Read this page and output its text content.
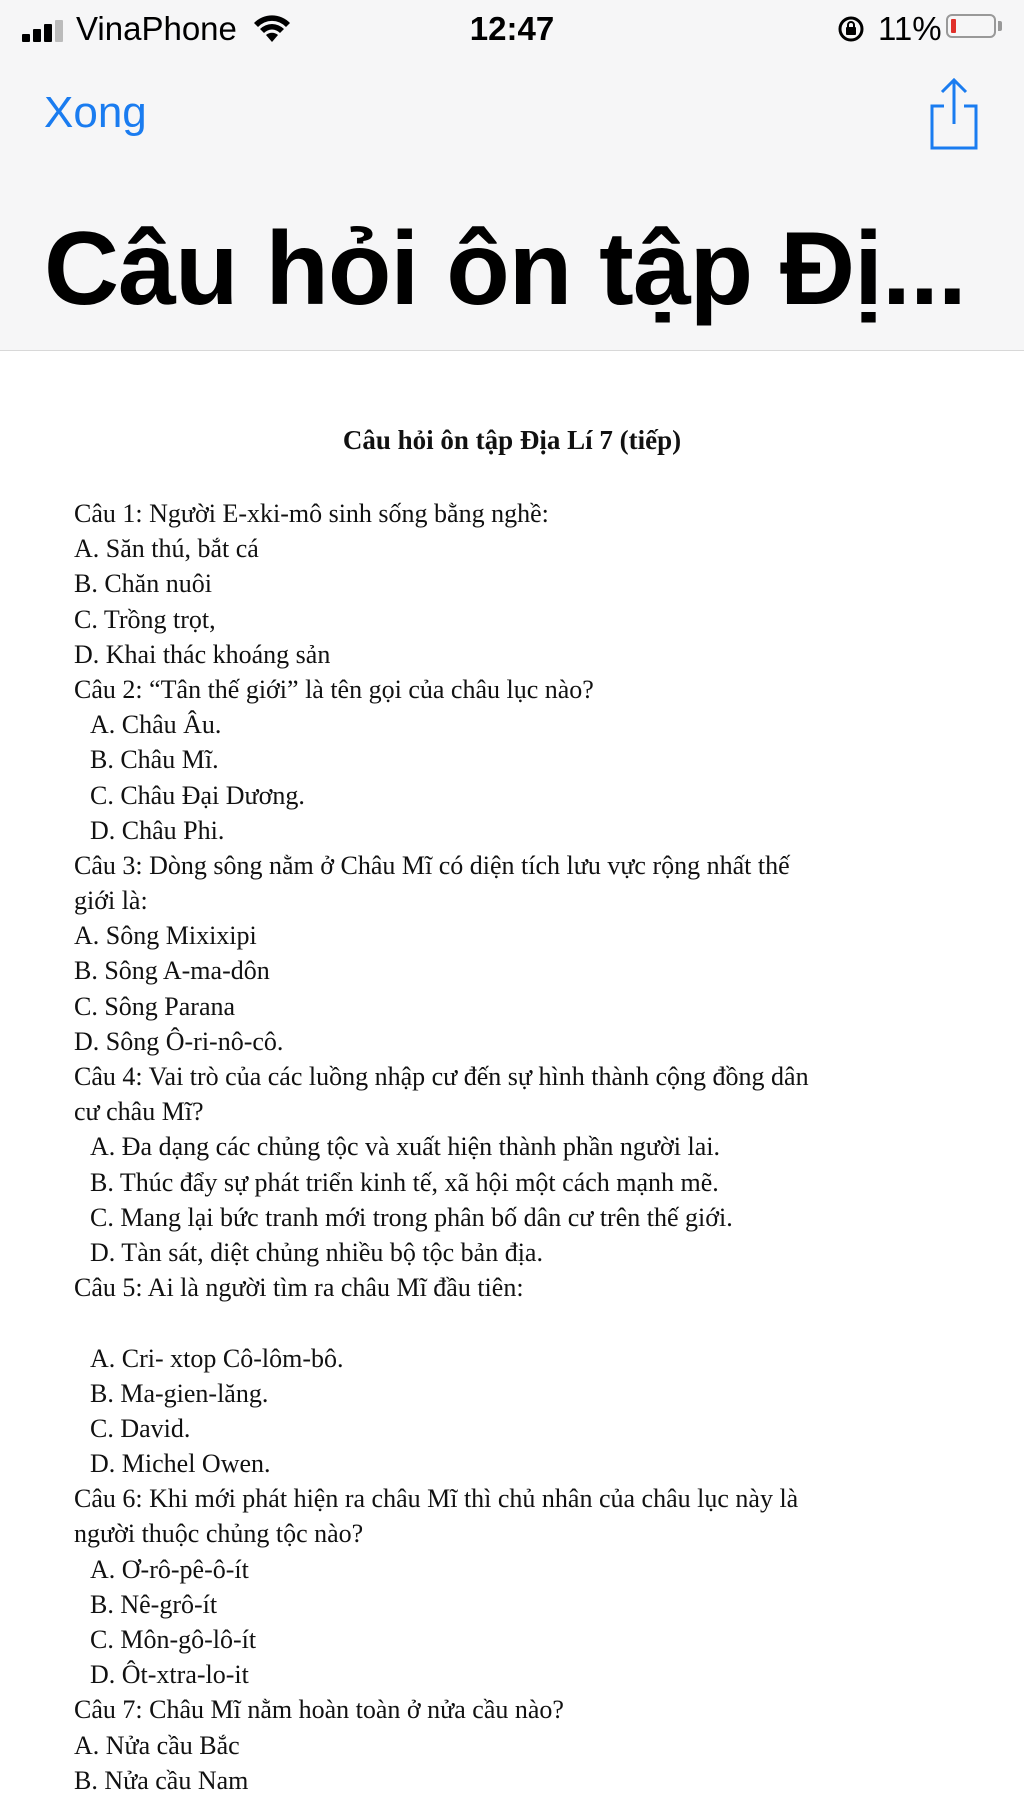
VinaPhone	12:47	11%
Xong
Câu hỏi ôn tập Đị...
Câu hỏi ôn tập Địa Lí 7 (tiếp)
Câu 1: Người E-xki-mô sinh sống bằng nghề:
A. Săn thú, bắt cá
B. Chăn nuôi
C. Trồng trọt,
D. Khai thác khoáng sản
Câu 2: “Tân thế giới” là tên gọi của châu lục nào?
A. Châu Âu.
B. Châu Mĩ.
C. Châu Đại Dương.
D. Châu Phi.
Câu 3: Dòng sông nằm ở Châu Mĩ có diện tích lưu vực rộng nhất thế
giới là:
A. Sông Mixixipi
B. Sông A-ma-dôn
C. Sông Parana
D. Sông Ô-ri-nô-cô.
Câu 4: Vai trò của các luồng nhập cư đến sự hình thành cộng đồng dân
cư châu Mĩ?
A. Đa dạng các chủng tộc và xuất hiện thành phần người lai.
B. Thúc đẩy sự phát triển kinh tế, xã hội một cách mạnh mẽ.
C. Mang lại bức tranh mới trong phân bố dân cư trên thế giới.
D. Tàn sát, diệt chủng nhiều bộ tộc bản địa.
Câu 5: Ai là người tìm ra châu Mĩ đầu tiên:
A. Cri- xtop Cô-lôm-bô.
B. Ma-gien-lăng.
C. David.
D. Michel Owen.
Câu 6: Khi mới phát hiện ra châu Mĩ thì chủ nhân của châu lục này là
người thuộc chủng tộc nào?
A. Ơ-rô-pê-ô-ít
B. Nê-grô-ít
C. Môn-gô-lô-ít
D. Ôt-xtra-lo-it
Câu 7: Châu Mĩ nằm hoàn toàn ở nửa cầu nào?
A. Nửa cầu Bắc
B. Nửa cầu Nam
